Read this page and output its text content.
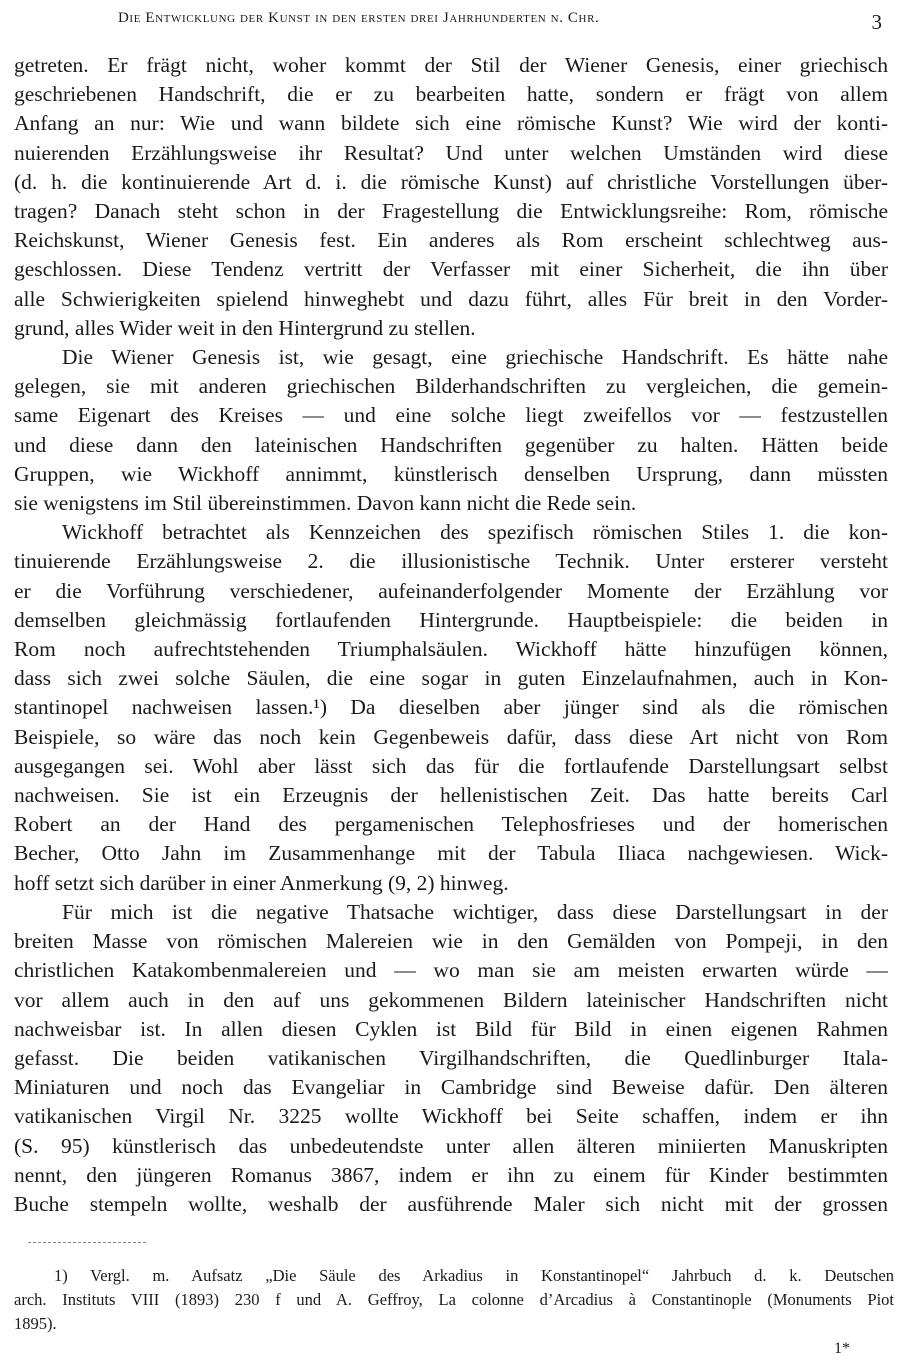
Die Entwicklung der Kunst in den ersten drei Jahrhunderten n. Chr.	3
getreten. Er frägt nicht, woher kommt der Stil der Wiener Genesis, einer griechisch
geschriebenen Handschrift, die er zu bearbeiten hatte, sondern er frägt von allem
Anfang an nur: Wie und wann bildete sich eine römische Kunst? Wie wird der konti-
nuierenden Erzählungsweise ihr Resultat? Und unter welchen Umständen wird diese
(d. h. die kontinuierende Art d. i. die römische Kunst) auf christliche Vorstellungen über-
tragen? Danach steht schon in der Fragestellung die Entwicklungsreihe: Rom, römische
Reichskunst, Wiener Genesis fest. Ein anderes als Rom erscheint schlechtweg aus-
geschlossen. Diese Tendenz vertritt der Verfasser mit einer Sicherheit, die ihn über
alle Schwierigkeiten spielend hinweghebt und dazu führt, alles Für breit in den Vorder-
grund, alles Wider weit in den Hintergrund zu stellen.
Die Wiener Genesis ist, wie gesagt, eine griechische Handschrift. Es hätte nahe
gelegen, sie mit anderen griechischen Bilderhandschriften zu vergleichen, die gemein-
same Eigenart des Kreises — und eine solche liegt zweifellos vor — festzustellen
und diese dann den lateinischen Handschriften gegenüber zu halten. Hätten beide
Gruppen, wie Wickhoff annimmt, künstlerisch denselben Ursprung, dann müssten
sie wenigstens im Stil übereinstimmen. Davon kann nicht die Rede sein.
Wickhoff betrachtet als Kennzeichen des spezifisch römischen Stiles 1. die kon-
tinuierende Erzählungsweise 2. die illusionistische Technik. Unter ersterer versteht
er die Vorführung verschiedener, aufeinanderfolgender Momente der Erzählung vor
demselben gleichmässig fortlaufenden Hintergrunde. Hauptbeispiele: die beiden in
Rom noch aufrechtstehenden Triumphalsäulen. Wickhoff hätte hinzufügen können,
dass sich zwei solche Säulen, die eine sogar in guten Einzelaufnahmen, auch in Kon-
stantinopel nachweisen lassen.¹) Da dieselben aber jünger sind als die römischen
Beispiele, so wäre das noch kein Gegenbeweis dafür, dass diese Art nicht von Rom
ausgegangen sei. Wohl aber lässt sich das für die fortlaufende Darstellungsart selbst
nachweisen. Sie ist ein Erzeugnis der hellenistischen Zeit. Das hatte bereits Carl
Robert an der Hand des pergamenischen Telephosfrieses und der homerischen
Becher, Otto Jahn im Zusammenhange mit der Tabula Iliaca nachgewiesen. Wick-
hoff setzt sich darüber in einer Anmerkung (9, 2) hinweg.
Für mich ist die negative Thatsache wichtiger, dass diese Darstellungsart in der
breiten Masse von römischen Malereien wie in den Gemälden von Pompeji, in den
christlichen Katakombenmalereien und — wo man sie am meisten erwarten würde —
vor allem auch in den auf uns gekommenen Bildern lateinischer Handschriften nicht
nachweisbar ist. In allen diesen Cyklen ist Bild für Bild in einen eigenen Rahmen
gefasst. Die beiden vatikanischen Virgilhandschriften, die Quedlinburger Itala-
Miniaturen und noch das Evangeliar in Cambridge sind Beweise dafür. Den älteren
vatikanischen Virgil Nr. 3225 wollte Wickhoff bei Seite schaffen, indem er ihn
(S. 95) künstlerisch das unbedeutendste unter allen älteren miniierten Manuskripten
nennt, den jüngeren Romanus 3867, indem er ihn zu einem für Kinder bestimmten
Buche stempeln wollte, weshalb der ausführende Maler sich nicht mit der grossen
1) Vergl. m. Aufsatz „Die Säule des Arkadius in Konstantinopel“ Jahrbuch d. k. Deutschen
arch. Instituts VIII (1893) 230 f und A. Geffroy, La colonne d’Arcadius à Constantinople (Monuments Piot
1895).
1*
